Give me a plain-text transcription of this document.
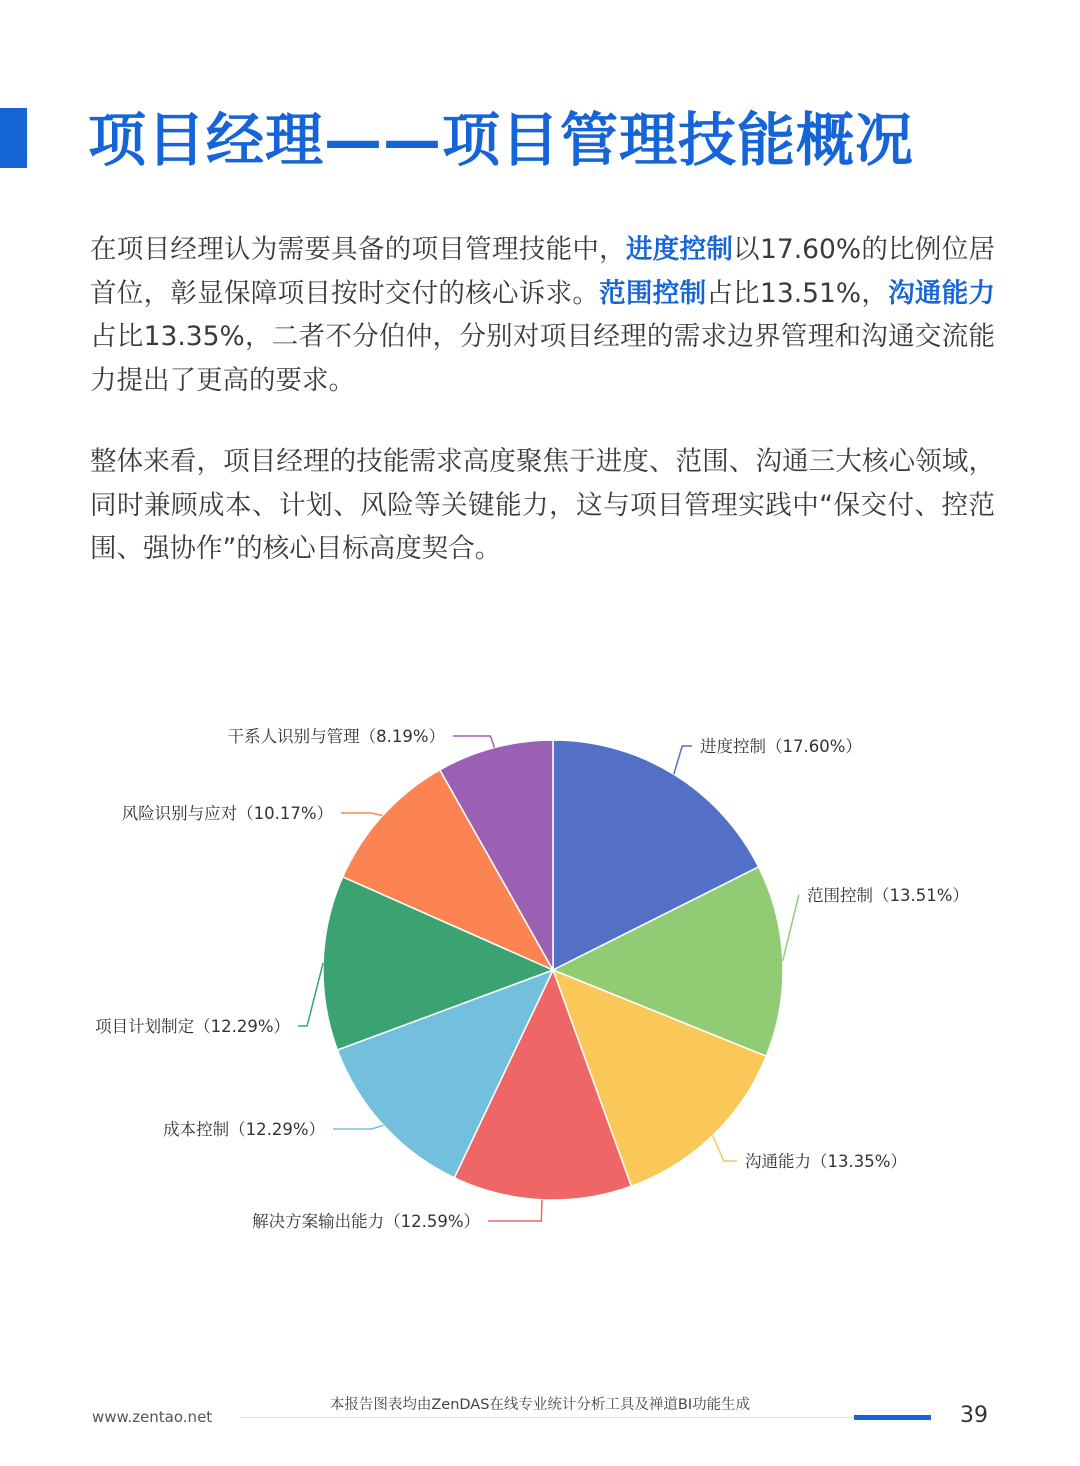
项目经理——项目管理技能概况
在项目经理认为需要具备的项目管理技能中，进度控制以17.60%的比例位居首位，彰显保障项目按时交付的核心诉求。范围控制占比13.51%，沟通能力占比13.35%，二者不分伯仲，分别对项目经理的需求边界管理和沟通交流能力提出了更高的要求。
整体来看，项目经理的技能需求高度聚焦于进度、范围、沟通三大核心领域，同时兼顾成本、计划、风险等关键能力，这与项目管理实践中“保交付、控范围、强协作”的核心目标高度契合。
进度控制（17.60%）
范围控制（13.51%）
沟通能力（13.35%）
解决方案输出能力（12.59%）
成本控制（12.29%）
项目计划制定（12.29%）
风险识别与应对（10.17%）
干系人识别与管理（8.19%）
本报告图表均由ZenDAS在线专业统计分析工具及禅道BI功能生成
www.zentao.net	39
